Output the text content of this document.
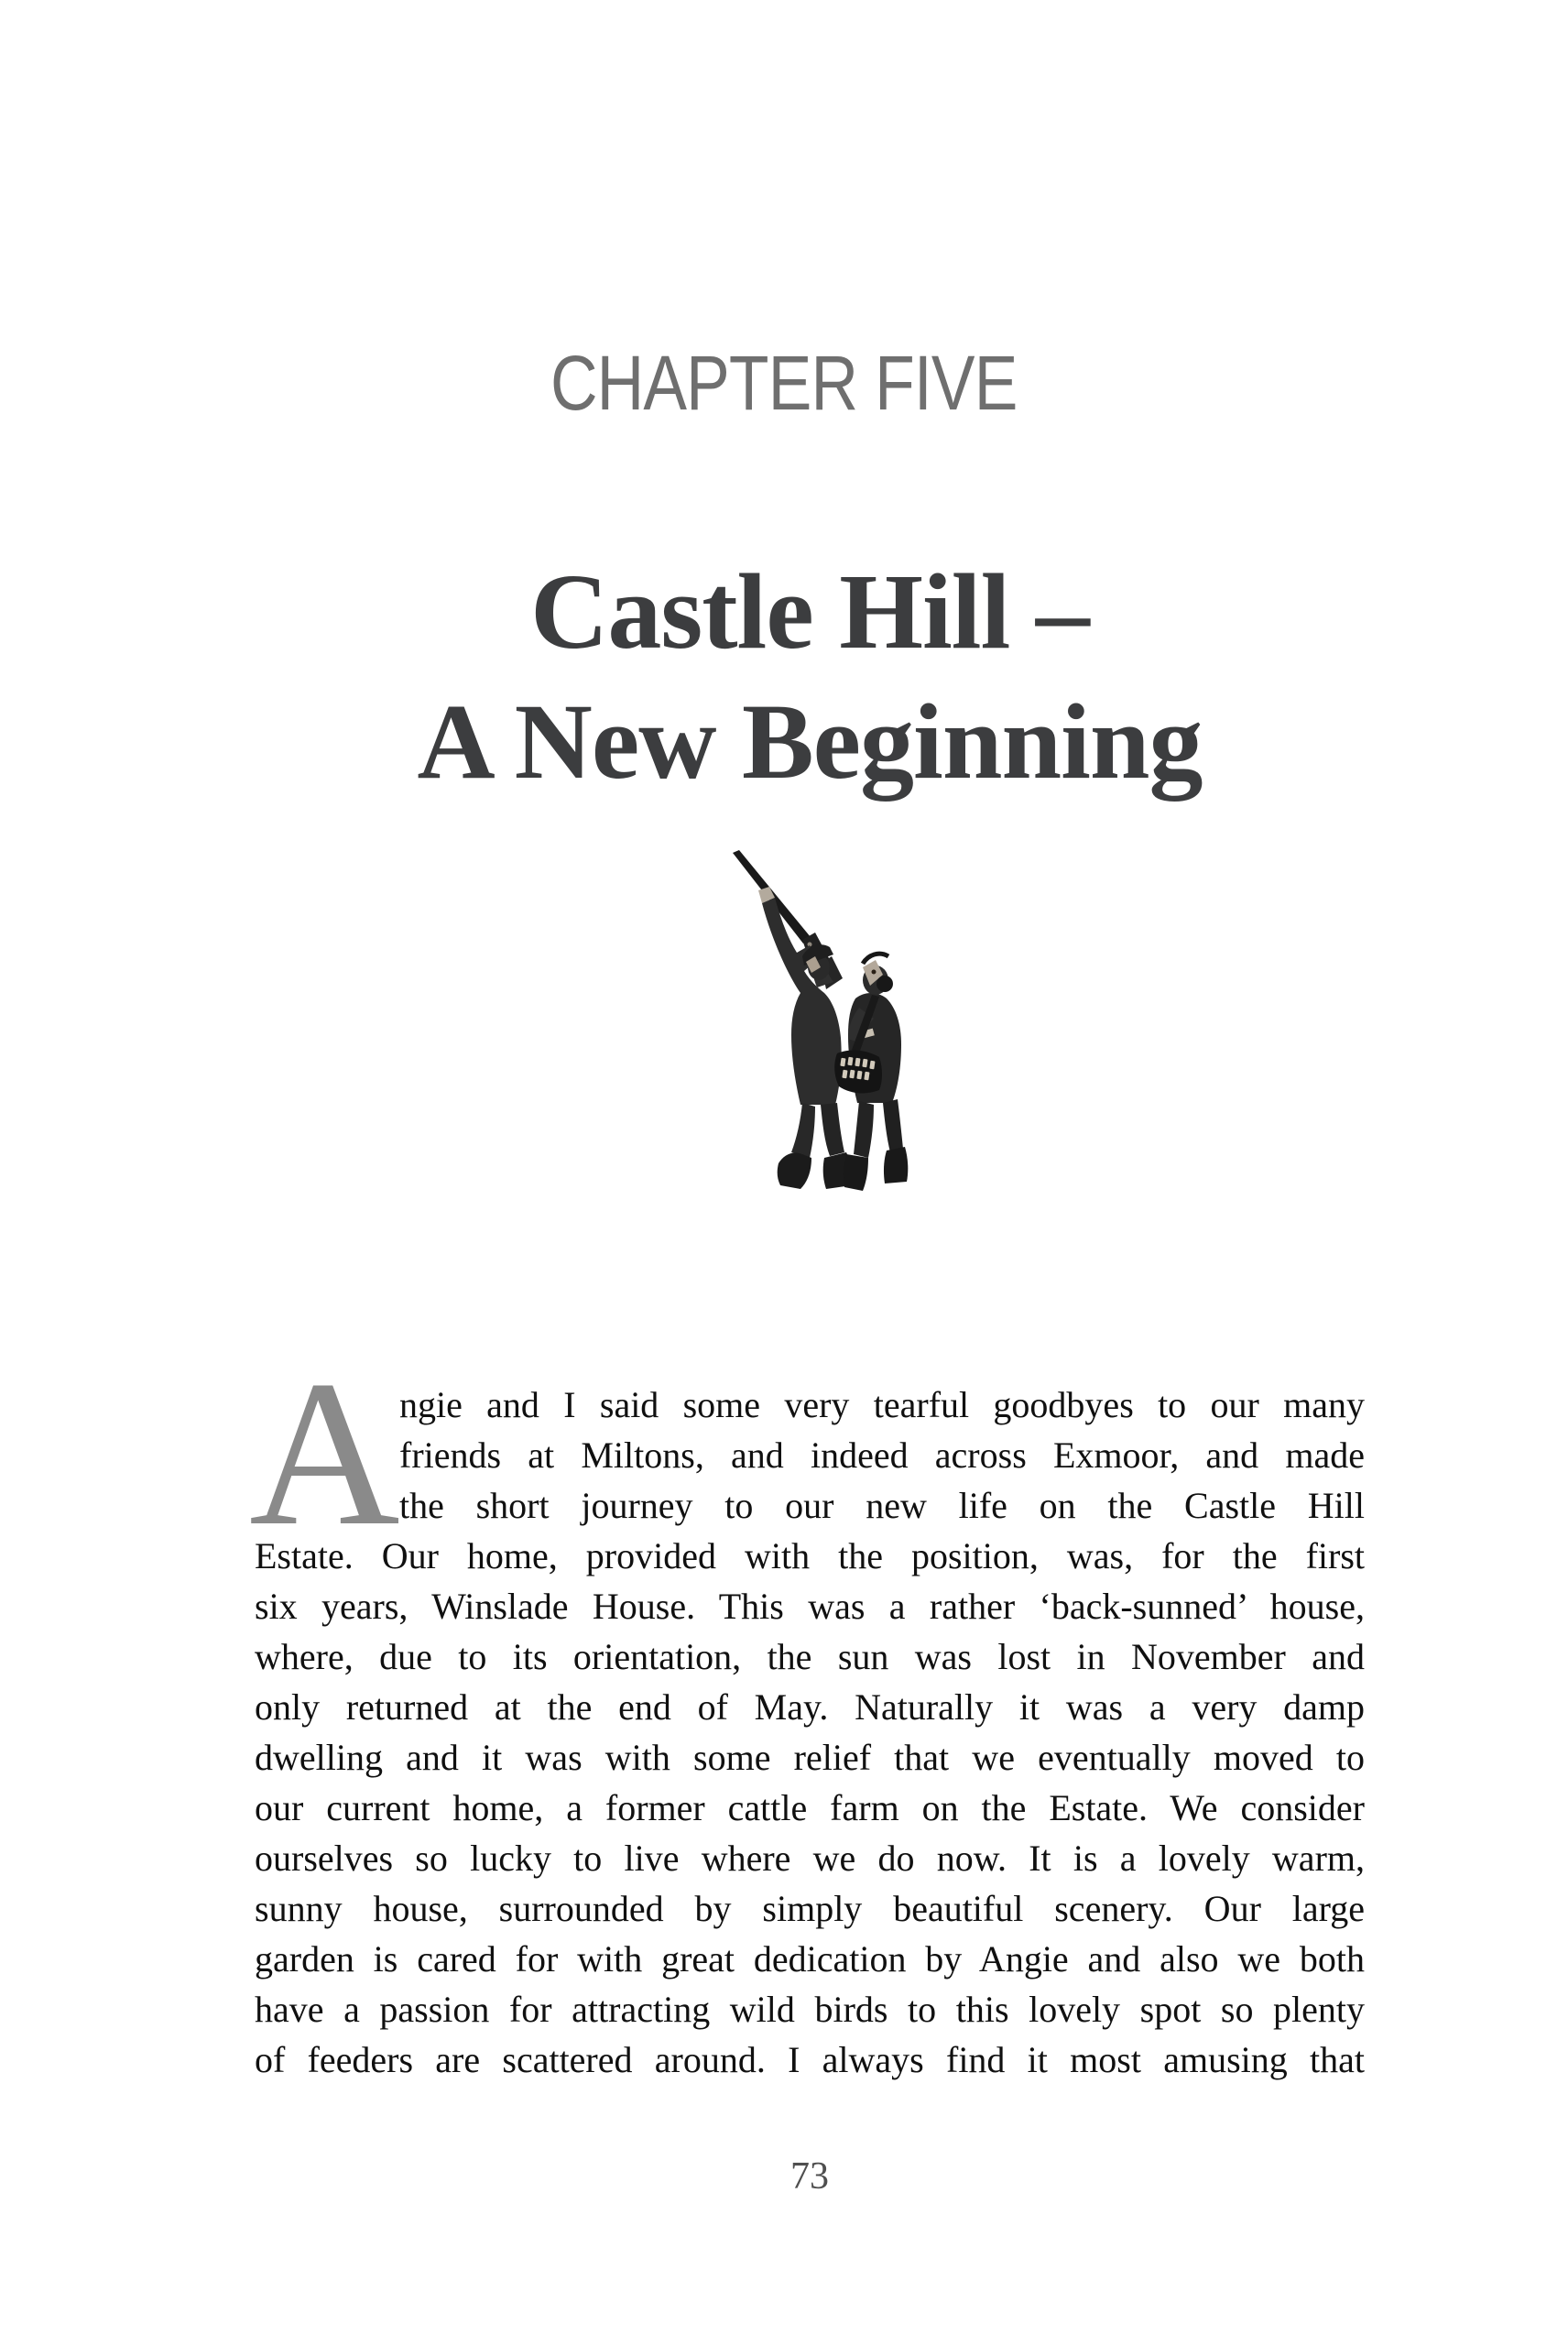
CHAPTER FIVE
Castle Hill –
A New Beginning
A ngie and I said some very tearful goodbyes to our many
friends at Miltons, and indeed across Exmoor, and made
the short journey to our new life on the Castle Hill
Estate. Our home, provided with the position, was, for the first
six years, Winslade House. This was a rather ‘back-sunned’ house,
where, due to its orientation, the sun was lost in November and
only returned at the end of May. Naturally it was a very damp
dwelling and it was with some relief that we eventually moved to
our current home, a former cattle farm on the Estate. We consider
ourselves so lucky to live where we do now. It is a lovely warm,
sunny house, surrounded by simply beautiful scenery. Our large
garden is cared for with great dedication by Angie and also we both
have a passion for attracting wild birds to this lovely spot so plenty
of feeders are scattered around. I always find it most amusing that
73
